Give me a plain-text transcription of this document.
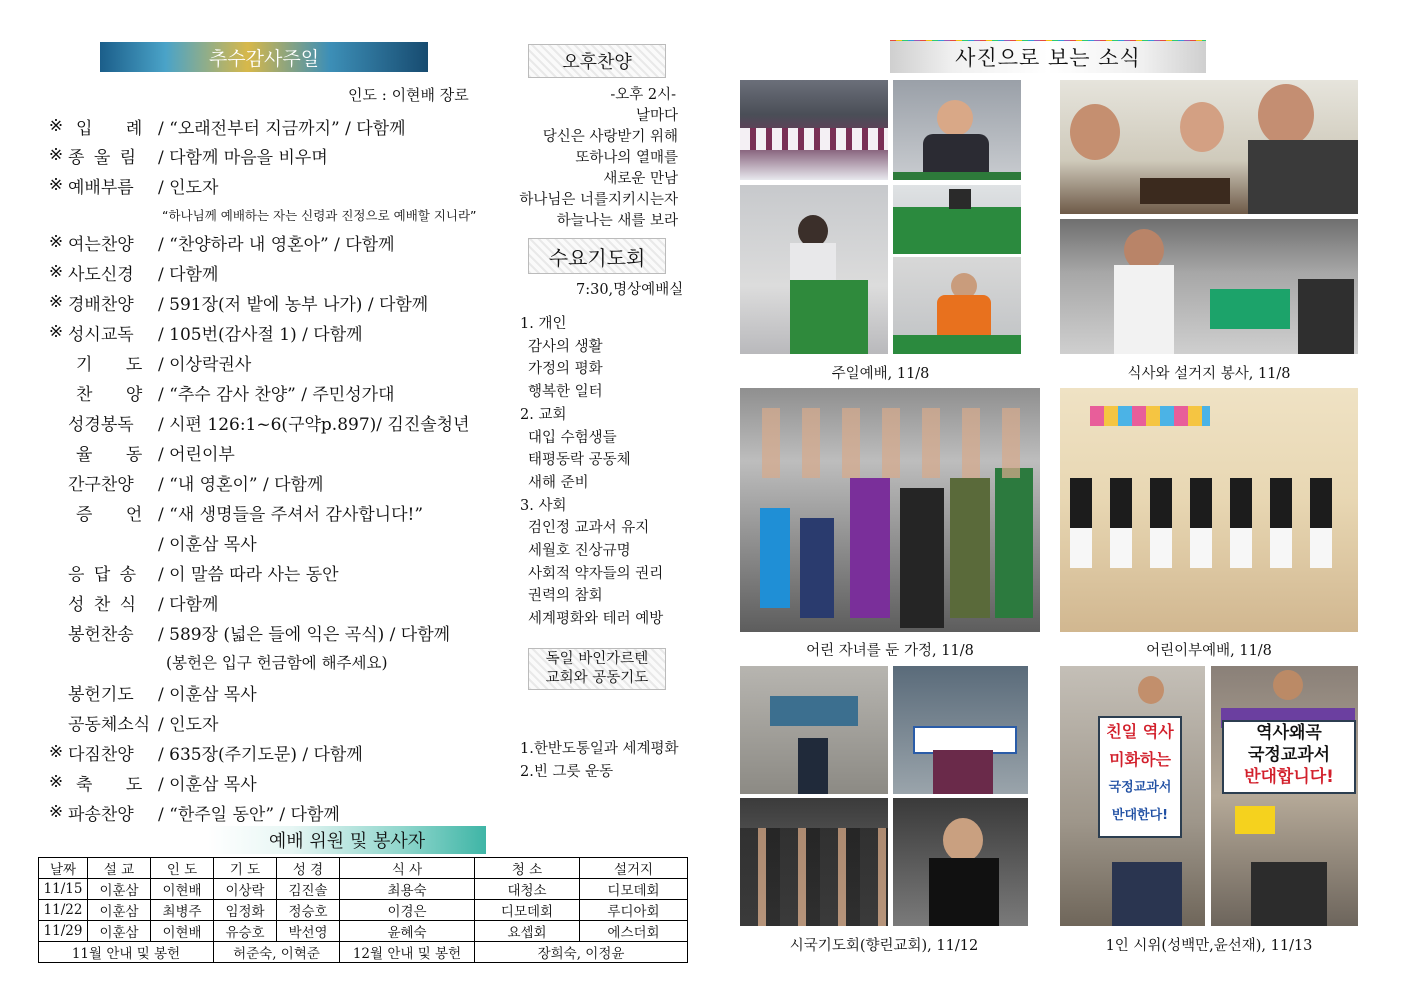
추수감사주일
인도 : 이현배 장로
※ 입 례 / “오래전부터 지금까지” / 다함께
※ 종 울 림	/ 다함께 마음을 비우며
※ 예배부름	/ 인도자
※ 여는찬양	/ “찬양하라 내 영혼아” / 다함께
※ 사도신경	/ 다함께
※ 경배찬양	/ 591장(저 밭에 농부 나가) / 다함께
※ 성시교독	/ 105번(감사절 1) / 다함께
기 도 / 이상락권사
찬 양 / “추수 감사 찬양” / 주민성가대
성경봉독	/ 시편 126:1~6(구약p.897)/ 김진솔청년
율 동 / 어린이부
간구찬양	/ “내 영혼이” / 다함께
증 언 / “새 생명들을 주셔서 감사합니다!”
/ 이훈삼 목사
응 답 송	/ 이 말씀 따라 사는 동안
성 찬 식	/ 다함께
봉헌찬송	/ 589장 (넓은 들에 익은 곡식) / 다함께
(봉헌은 입구 헌금함에 해주세요)
봉헌기도	/ 이훈삼 목사
공동체소식 / 인도자
※ 다짐찬양	/ 635장(주기도문) / 다함께
※ 축 도 / 이훈삼 목사
※ 파송찬양	/ “한주일 동안” / 다함께
“하나님께 예배하는 자는 신령과 진정으로 예배할 지니라”
예배 위원 및 봉사자
날짜	설 교	인 도	기 도	성 경	식 사	청 소	설거지
11/15	이훈삼	이현배	이상락	김진솔	최용숙	대청소	디모데회
11/22	이훈삼	최병주	임정화	정승호	이경은	디모데회	루디아회
11/29	이훈삼	이현배	유승호	박선영	윤혜숙	요셉회	에스더회
11월 안내 및 봉헌			허준숙, 이혁준		12월 안내 및 봉헌	장희숙, 이정윤	
오후찬양
-오후 2시-
날마다
당신은 사랑받기 위해
또하나의 열매를
새로운 만남
하나님은 너를지키시는자
하늘나는 새를 보라
수요기도회
7:30,명상예배실
1. 개인
감사의 생활
가정의 평화
행복한 일터
2. 교회
대입 수험생들
태평동락 공동체
새해 준비
3. 사회
검인정 교과서 유지
세월호 진상규명
사회적 약자들의 권리
권력의 참회
세계평화와 테러 예방
독일 바인가르텐
교회와 공동기도
1.한반도통일과 세계평화
2.빈 그릇 운동
사진으로 보는 소식
주일예배, 11/8	식사와 설거지 봉사, 11/8
어린 자녀를 둔 가정, 11/8	어린이부예배, 11/8
시국기도회(향린교회), 11/12
친일 역사
미화하는
국정교과서
반대한다!
역사왜곡
국정교과서
반대합니다!
1인 시위(성백만,윤선재), 11/13
